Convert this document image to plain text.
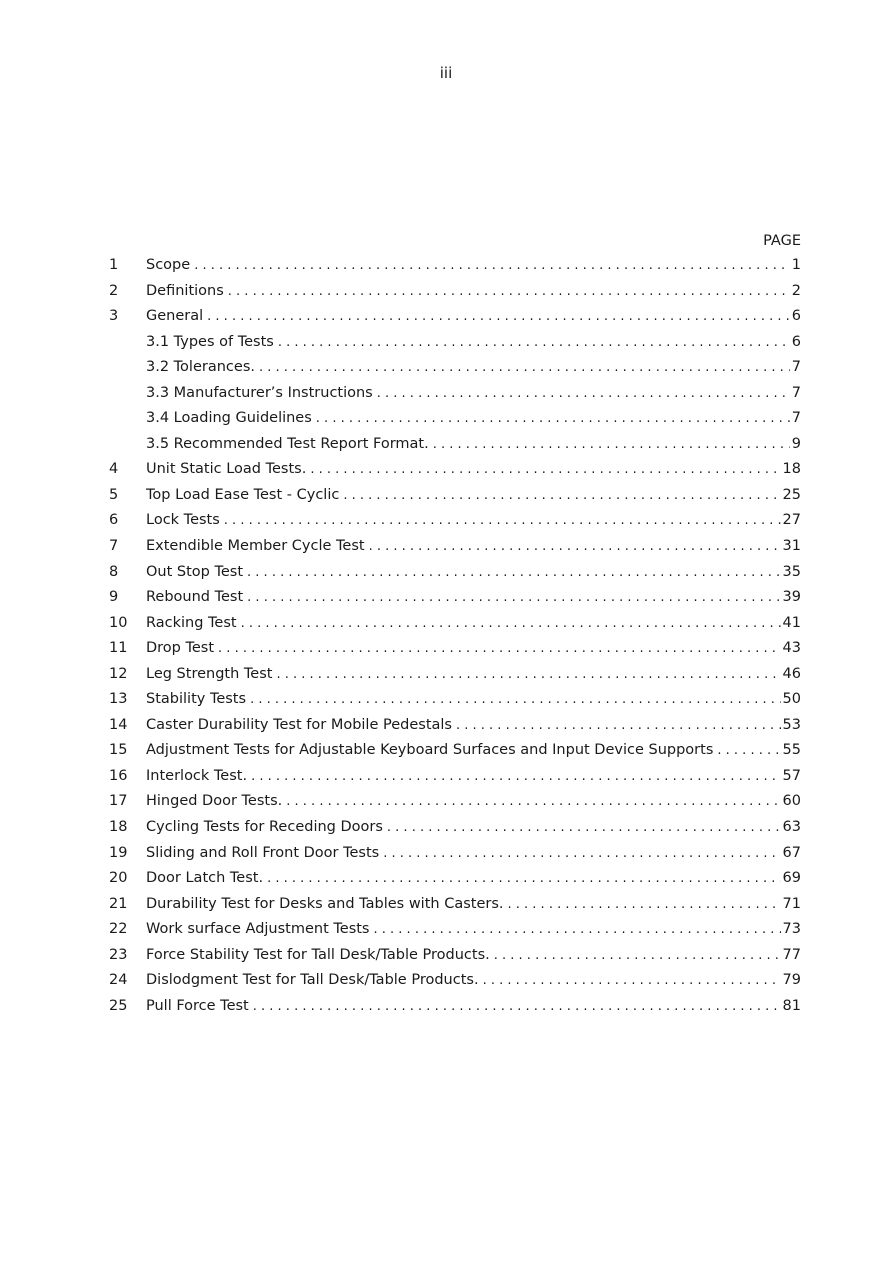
iii
PAGE
1	Scope . . .	1
2	Definitions . . .	2
3	General . . .	6
3.1 Types of Tests . . .	6
3.2 Tolerances. . . .	7
3.3 Manufacturer’s Instructions . . .	7
3.4 Loading Guidelines . . .	7
3.5 Recommended Test Report Format. . . .	9
4	Unit Static Load Tests. . . .	18
5	Top Load Ease Test - Cyclic . . .	25
6	Lock Tests . . .	27
7	Extendible Member Cycle Test . . .	31
8	Out Stop Test . . .	35
9	Rebound Test . . .	39
10	Racking Test . . .	41
11	Drop Test . . .	43
12	Leg Strength Test . . .	46
13	Stability Tests . . .	50
14	Caster Durability Test for Mobile Pedestals . . .	53
15	Adjustment Tests for Adjustable Keyboard Surfaces and Input Device Supports . . .	55
16	Interlock Test. . . .	57
17	Hinged Door Tests. . . .	60
18	Cycling Tests for Receding Doors . . .	63
19	Sliding and Roll Front Door Tests . . .	67
20	Door Latch Test. . . .	69
21	Durability Test for Desks and Tables with Casters. . . .	71
22	Work surface Adjustment Tests . . .	73
23	Force Stability Test for Tall Desk/Table Products. . . .	77
24	Dislodgment Test for Tall Desk/Table Products. . . .	79
25	Pull Force Test . . .	81
